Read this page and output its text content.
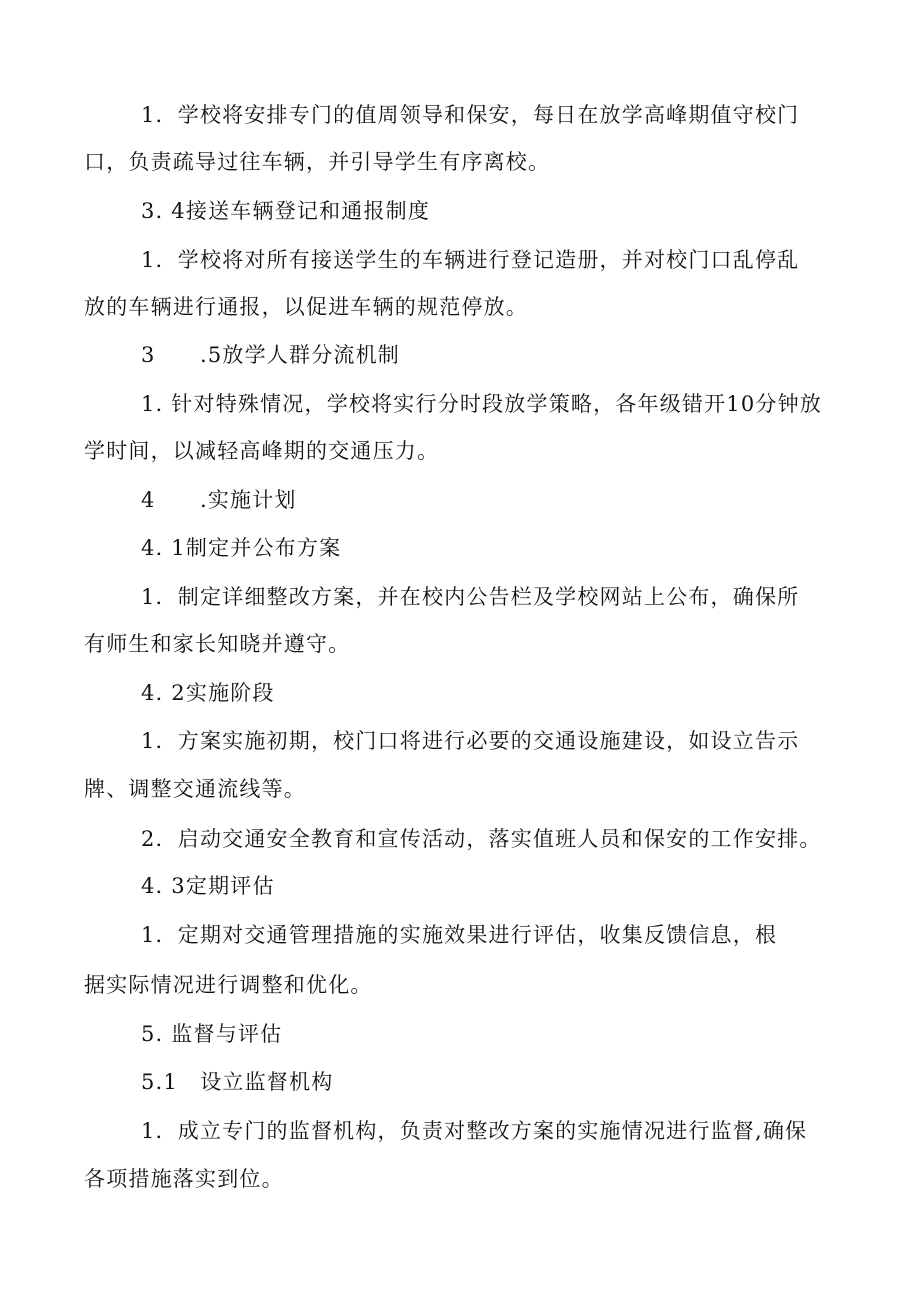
1．学校将安排专门的值周领导和保安，每日在放学高峰期值守校门
口，负责疏导过往车辆，并引导学生有序离校。
3. 4接送车辆登记和通报制度
1．学校将对所有接送学生的车辆进行登记造册，并对校门口乱停乱
放的车辆进行通报，以促进车辆的规范停放。
3　　.5放学人群分流机制
1. 针对特殊情况，学校将实行分时段放学策略，各年级错开10分钟放
学时间，以减轻高峰期的交通压力。
4　　.实施计划
4. 1制定并公布方案
1．制定详细整改方案，并在校内公告栏及学校网站上公布，确保所
有师生和家长知晓并遵守。
4. 2实施阶段
1．方案实施初期，校门口将进行必要的交通设施建设，如设立告示
牌、调整交通流线等。
2．启动交通安全教育和宣传活动，落实值班人员和保安的工作安排。
4. 3定期评估
1．定期对交通管理措施的实施效果进行评估，收集反馈信息，根
据实际情况进行调整和优化。
5. 监督与评估
5.1　设立监督机构
1．成立专门的监督机构，负责对整改方案的实施情况进行监督,确保
各项措施落实到位。
